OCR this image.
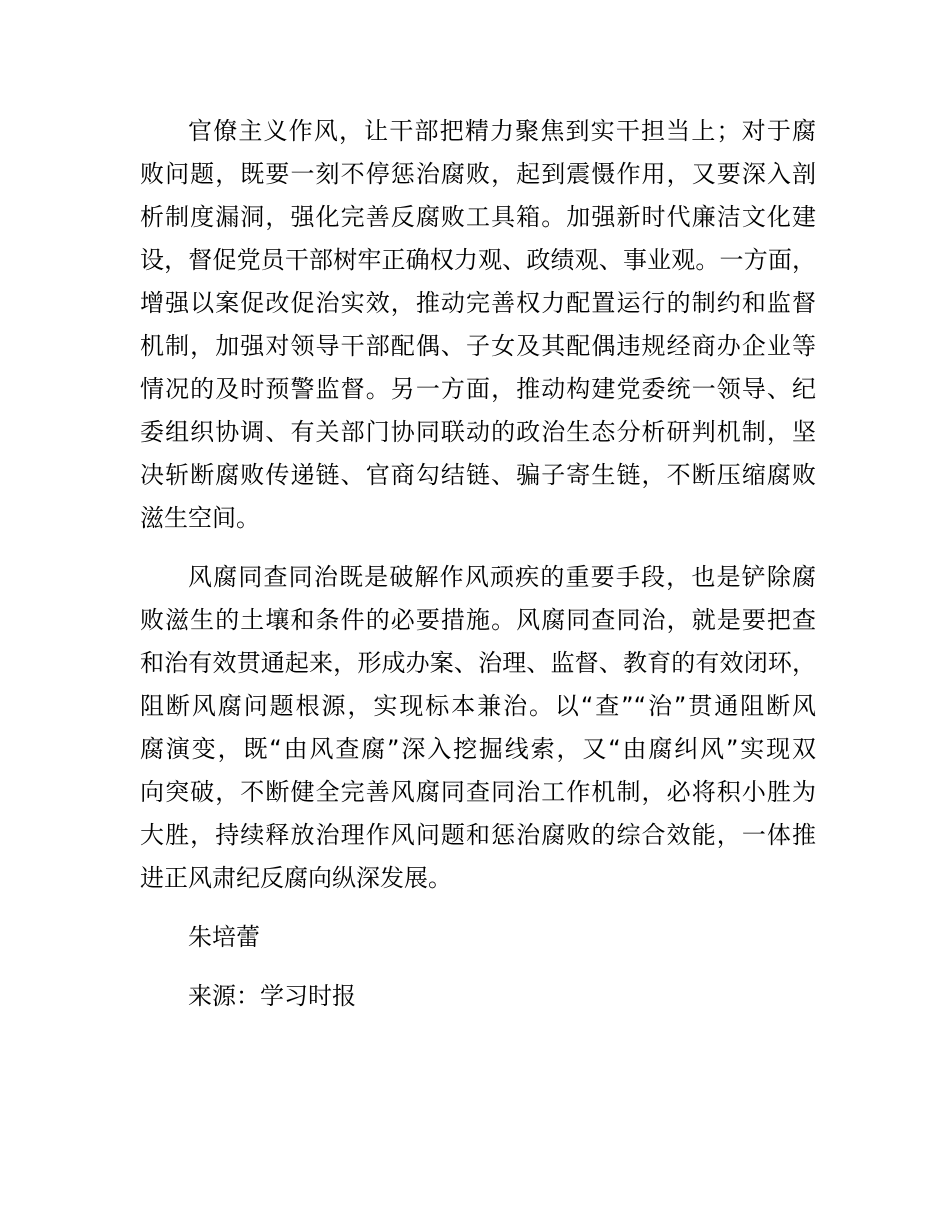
官僚主义作风，让干部把精力聚焦到实干担当上；对于腐
败问题，既要一刻不停惩治腐败，起到震慑作用，又要深入剖
析制度漏洞，强化完善反腐败工具箱。加强新时代廉洁文化建
设，督促党员干部树牢正确权力观、政绩观、事业观。一方面，
增强以案促改促治实效，推动完善权力配置运行的制约和监督
机制，加强对领导干部配偶、子女及其配偶违规经商办企业等
情况的及时预警监督。另一方面，推动构建党委统一领导、纪
委组织协调、有关部门协同联动的政治生态分析研判机制，坚
决斩断腐败传递链、官商勾结链、骗子寄生链，不断压缩腐败
滋生空间。
风腐同查同治既是破解作风顽疾的重要手段，也是铲除腐
败滋生的土壤和条件的必要措施。风腐同查同治，就是要把查
和治有效贯通起来，形成办案、治理、监督、教育的有效闭环，
阻断风腐问题根源，实现标本兼治。以“查”“治”贯通阻断风
腐演变，既“由风查腐”深入挖掘线索，又“由腐纠风”实现双
向突破，不断健全完善风腐同查同治工作机制，必将积小胜为
大胜，持续释放治理作风问题和惩治腐败的综合效能，一体推
进正风肃纪反腐向纵深发展。
朱培蕾
来源：学习时报
